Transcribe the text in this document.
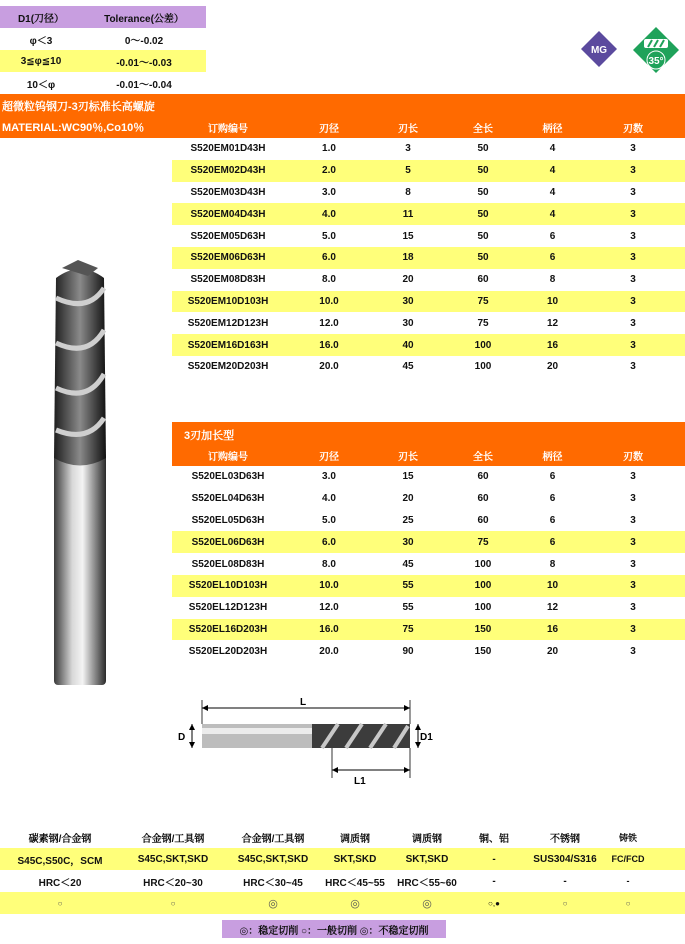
D1(刀径）	Tolerance(公差）
φ＜3	0～-0.02
3≦φ≦10	-0.01～-0.03
10＜φ	-0.01～-0.04
MG
35°
超微粒钨钢刀-3刃标准长高螺旋
MATERIAL:WC90％,Co10％	订购编号	刃径	刃长	全长	柄径	刃数
S520EM01D43H	1.0	3	50	4	3
S520EM02D43H	2.0	5	50	4	3
S520EM03D43H	3.0	8	50	4	3
S520EM04D43H	4.0	11	50	4	3
S520EM05D63H	5.0	15	50	6	3
S520EM06D63H	6.0	18	50	6	3
S520EM08D83H	8.0	20	60	8	3
S520EM10D103H	10.0	30	75	10	3
S520EM12D123H	12.0	30	75	12	3
S520EM16D163H	16.0	40	100	16	3
S520EM20D203H	20.0	45	100	20	3
3刃加长型
订购编号	刃径	刃长	全长	柄径	刃数
S520EL03D63H	3.0	15	60	6	3
S520EL04D63H	4.0	20	60	6	3
S520EL05D63H	5.0	25	60	6	3
S520EL06D63H	6.0	30	75	6	3
S520EL08D83H	8.0	45	100	8	3
S520EL10D103H	10.0	55	100	10	3
S520EL12D123H	12.0	55	100	12	3
S520EL16D203H	16.0	75	150	16	3
S520EL20D203H	20.0	90	150	20	3
L
D	D1
L1
碳素钢/合金钢	合金钢/工具钢	合金钢/工具钢	调质钢	调质钢	铜、铝	不锈钢	铸铁
S45C,S50C，SCM	S45C,SKT,SKD	S45C,SKT,SKD	SKT,SKD	SKT,SKD	-	SUS304/S316	FC/FCD
HRC＜20	HRC＜20~30	HRC＜30~45	HRC＜45~55	HRC＜55~60	-	-	-
○	○	◎	◎	◎	○,●	○	○
◎：稳定切削 ○：一般切削 ◎：不稳定切削
